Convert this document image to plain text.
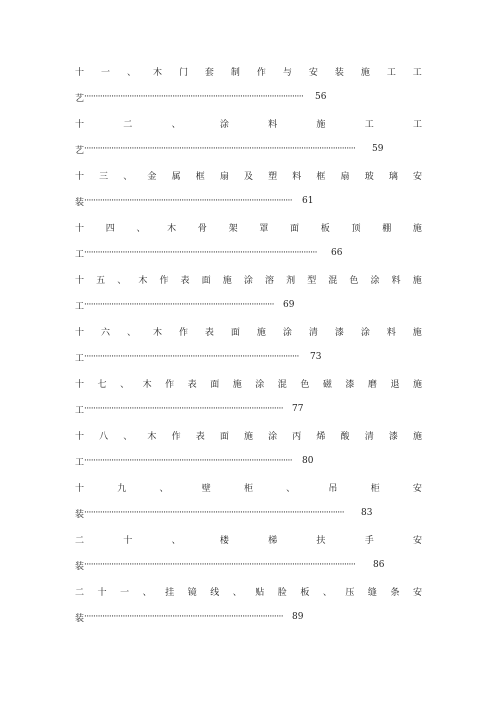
十 一 、 木 门 套 制 作 与 安 装 施 工 工
艺 ·································································································	56
十	二	、	涂	料	施	工	工
艺 ························································································································	59
十 三 、 金 属 框 扇 及 塑 料 框 扇 玻 璃 安
装 ····························································································	61
十 四 、 木 骨 架 罩 面 板 顶 棚 施
工 ·······································································································	66
十 五 、 木 作 表 面 施 涂 溶 剂 型 混 色 涂 料 施
工 ····················································································	69
十 六 、 木 作 表 面 施 涂 清 漆 涂 料 施
工 ·······························································································	73
十 七 、 木 作 表 面 施 涂 混 色 磁 漆 磨 退 施
工 ························································································	77
十 八 、 木 作 表 面 施 涂 丙 烯 酸 清 漆 施
工 ····························································································	80
十	九	、	壁	柜	、	吊	柜	安
装 ···················································································································	83
二	十	、	楼	梯	扶	手	安
装 ························································································································	86
二 十 一 、 挂 镜 线 、 贴 脸 板 、 压 缝 条 安
装 ························································································	89
